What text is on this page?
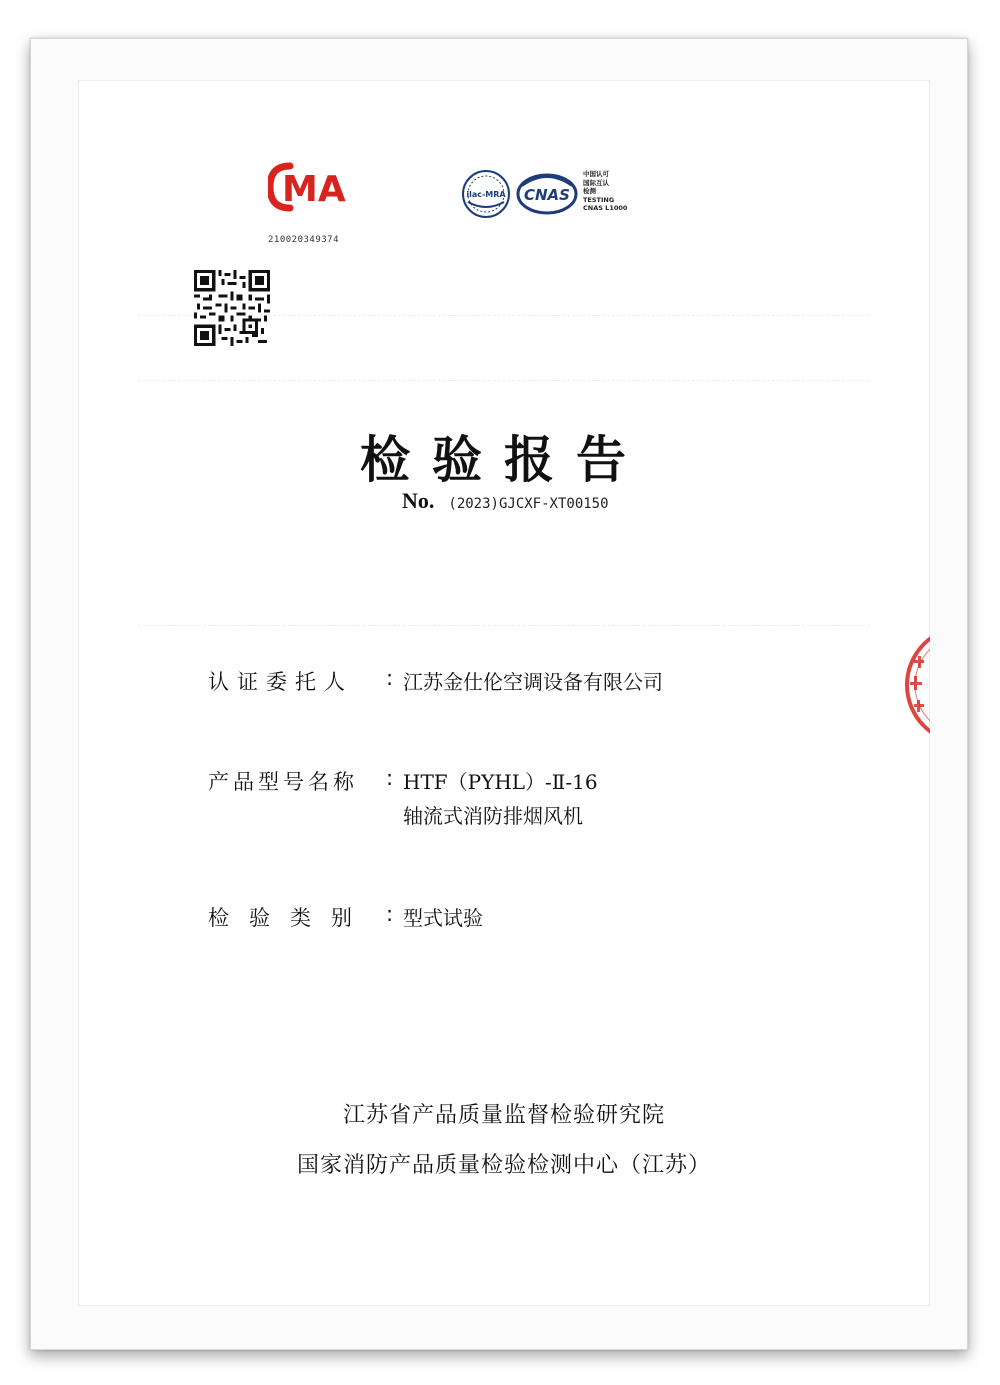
MA
210020349374
ilac-MRA CNAS
中国认可
国际互认
检测
TESTING
CNAS L1000
检验报告
No. (2023)GJCXF-XT00150
认证委托人 : 江苏金仕伦空调设备有限公司
产品型号名称 : HTF（PYHL）-Ⅱ-16
轴流式消防排烟风机
检验类别 : 型式试验
江苏省产品质量监督检验研究院
国家消防产品质量检验检测中心（江苏）
